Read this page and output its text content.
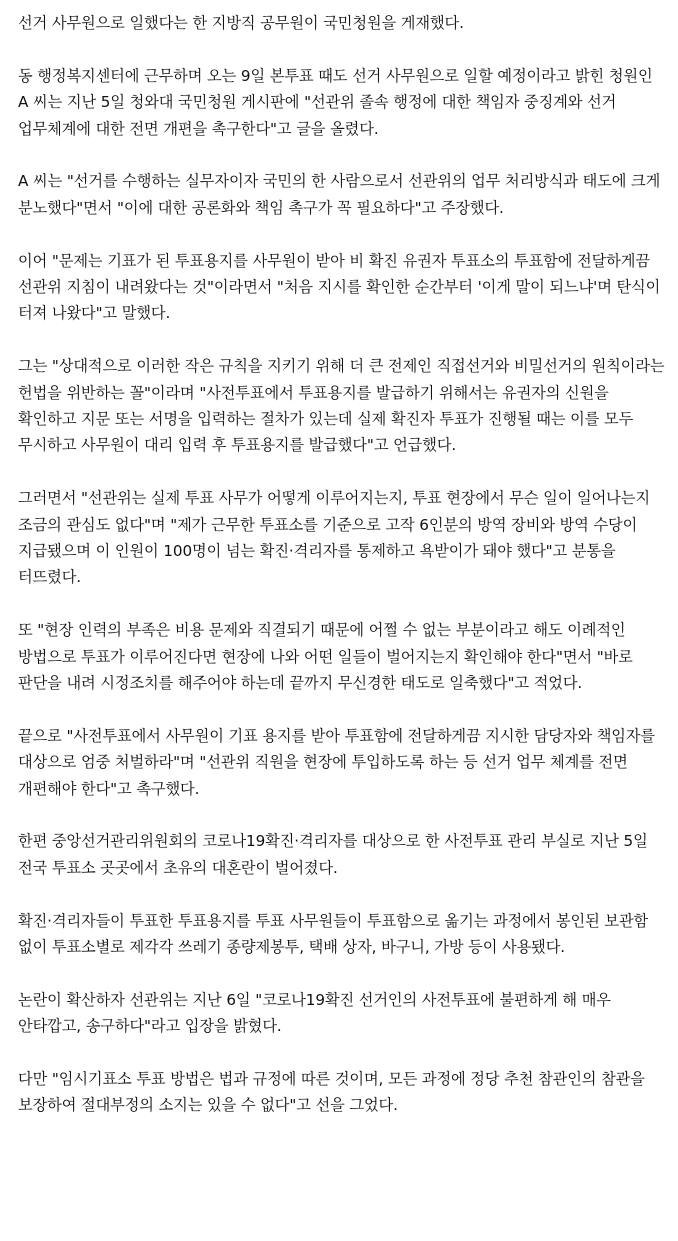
선거 사무원으로 일했다는 한 지방직 공무원이 국민청원을 게재했다.

동 행정복지센터에 근무하며 오는 9일 본투표 때도 선거 사무원으로 일할 예정이라고 밝힌 청원인 A 씨는 지난 5일 청와대 국민청원 게시판에 "선관위 졸속 행정에 대한 책임자 중징계와 선거 업무체계에 대한 전면 개편을 촉구한다"고 글을 올렸다.

A 씨는 "선거를 수행하는 실무자이자 국민의 한 사람으로서 선관위의 업무 처리방식과 태도에 크게 분노했다"면서 "이에 대한 공론화와 책임 촉구가 꼭 필요하다"고 주장했다.

이어 "문제는 기표가 된 투표용지를 사무원이 받아 비 확진 유권자 투표소의 투표함에 전달하게끔 선관위 지침이 내려왔다는 것"이라면서 "처음 지시를 확인한 순간부터 '이게 말이 되느냐'며 탄식이 터져 나왔다"고 말했다.

그는 "상대적으로 이러한 작은 규칙을 지키기 위해 더 큰 전제인 직접선거와 비밀선거의 원칙이라는 헌법을 위반하는 꼴"이라며 "사전투표에서 투표용지를 발급하기 위해서는 유권자의 신원을 확인하고 지문 또는 서명을 입력하는 절차가 있는데 실제 확진자 투표가 진행될 때는 이를 모두 무시하고 사무원이 대리 입력 후 투표용지를 발급했다"고 언급했다.

그러면서 "선관위는 실제 투표 사무가 어떻게 이루어지는지, 투표 현장에서 무슨 일이 일어나는지 조금의 관심도 없다"며 "제가 근무한 투표소를 기준으로 고작 6인분의 방역 장비와 방역 수당이 지급됐으며 이 인원이 100명이 넘는 확진·격리자를 통제하고 욕받이가 돼야 했다"고 분통을 터뜨렸다.

또 "현장 인력의 부족은 비용 문제와 직결되기 때문에 어쩔 수 없는 부분이라고 해도 이례적인 방법으로 투표가 이루어진다면 현장에 나와 어떤 일들이 벌어지는지 확인해야 한다"면서 "바로 판단을 내려 시정조치를 해주어야 하는데 끝까지 무신경한 태도로 일축했다"고 적었다.

끝으로 "사전투표에서 사무원이 기표 용지를 받아 투표함에 전달하게끔 지시한 담당자와 책임자를 대상으로 엄중 처벌하라"며 "선관위 직원을 현장에 투입하도록 하는 등 선거 업무 체계를 전면 개편해야 한다"고 촉구했다.

한편 중앙선거관리위원회의 코로나19확진·격리자를 대상으로 한 사전투표 관리 부실로 지난 5일 전국 투표소 곳곳에서 초유의 대혼란이 벌어졌다.

확진·격리자들이 투표한 투표용지를 투표 사무원들이 투표함으로 옮기는 과정에서 봉인된 보관함 없이 투표소별로 제각각 쓰레기 종량제봉투, 택배 상자, 바구니, 가방 등이 사용됐다.

논란이 확산하자 선관위는 지난 6일 "코로나19확진 선거인의 사전투표에 불편하게 해 매우 안타깝고, 송구하다"라고 입장을 밝혔다.

다만 "임시기표소 투표 방법은 법과 규정에 따른 것이며, 모든 과정에 정당 추천 참관인의 참관을 보장하여 절대부정의 소지는 있을 수 없다"고 선을 그었다.
